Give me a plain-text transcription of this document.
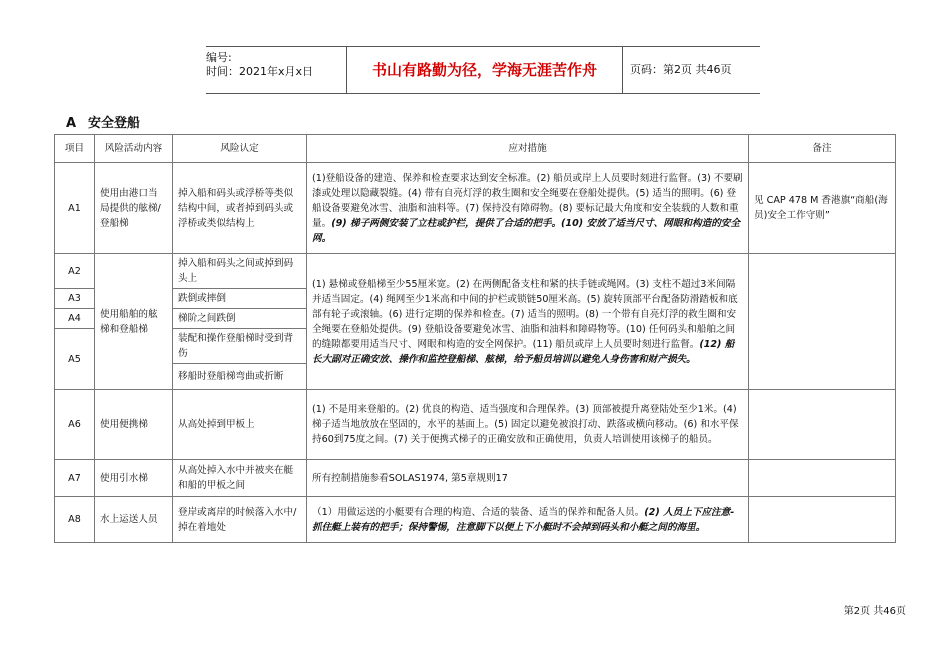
编号:
时间：2021年x月x日	书山有路勤为径，学海无涯苦作舟	页码：第2页 共46页
A 安全登船
项目	风险活动内容	风险认定	应对措施	备注
A1	使用由港口当局提供的舷梯/登船梯	掉入船和码头或浮桥等类似结构中间，或者掉到码头或浮桥或类似结构上	(1)登船设备的建造、保养和检查要求达到安全标准。(2) 船员或岸上人员要时刻进行监督。(3) 不要刷漆或处理以隐藏裂缝。(4) 带有自亮灯浮的救生圈和安全绳要在登船处提供。(5) 适当的照明。(6) 登船设备要避免冰雪、油脂和油料等。(7) 保持没有障碍物。(8) 要标记最大角度和安全装载的人数和重量。(9) 梯子两侧安装了立柱或护栏，提供了合适的把手。(10) 安放了适当尺寸、网眼和构造的安全网。	见 CAP 478 M 香港旗“商船(海员)安全工作守则”
A2	使用船舶的舷梯和登船梯	掉入船和码头之间或掉到码头上	(1) 悬梯或登船梯至少55厘米宽。(2) 在两侧配备支柱和紧的扶手链或绳网。(3) 支柱不超过3米间隔并适当固定。(4) 绳网至少1米高和中间的护栏或锁链50厘米高。(5) 旋转顶部平台配备防滑踏板和底部有轮子或滚轴。(6) 进行定期的保养和检查。(7) 适当的照明。(8) 一个带有自亮灯浮的救生圈和安全绳要在登船处提供。(9) 登船设备要避免冰雪、油脂和油料和障碍物等。(10) 任何码头和船舶之间的缝隙都要用适当尺寸、网眼和构造的安全网保护。(11) 船员或岸上人员要时刻进行监督。(12) 船长大副对正确安放、操作和监控登船梯、舷梯，给予船员培训以避免人身伤害和财产损失。	
A3		跌倒或摔倒		
A4		梯阶之间跌倒		
A5		装配和操作登船梯时受到背伤		
		移船时登船梯弯曲或折断		
A6	使用便携梯	从高处掉到甲板上	(1) 不是用来登船的。(2) 优良的构造、适当强度和合理保养。(3) 顶部被提升离登陆处至少1米。(4) 梯子适当地放放在坚固的，水平的基面上。(5) 固定以避免被浪打动、跌落或横向移动。(6) 和水平保持60到75度之间。(7) 关于便携式梯子的正确安放和正确使用，负责人培训使用该梯子的船员。	
A7	使用引水梯	从高处掉入水中并被夹在艇和船的甲板之间	所有控制措施参看SOLAS1974, 第5章规则17	
A8	水上运送人员	登岸或离岸的时候落入水中/掉在着地处	（1）用做运送的小艇要有合理的构造、合适的装备、适当的保养和配备人员。(2) 人员上下应注意-抓住艇上装有的把手；保持警惕，注意脚下以便上下小艇时不会掉到码头和小艇之间的海里。	
第2页 共46页
